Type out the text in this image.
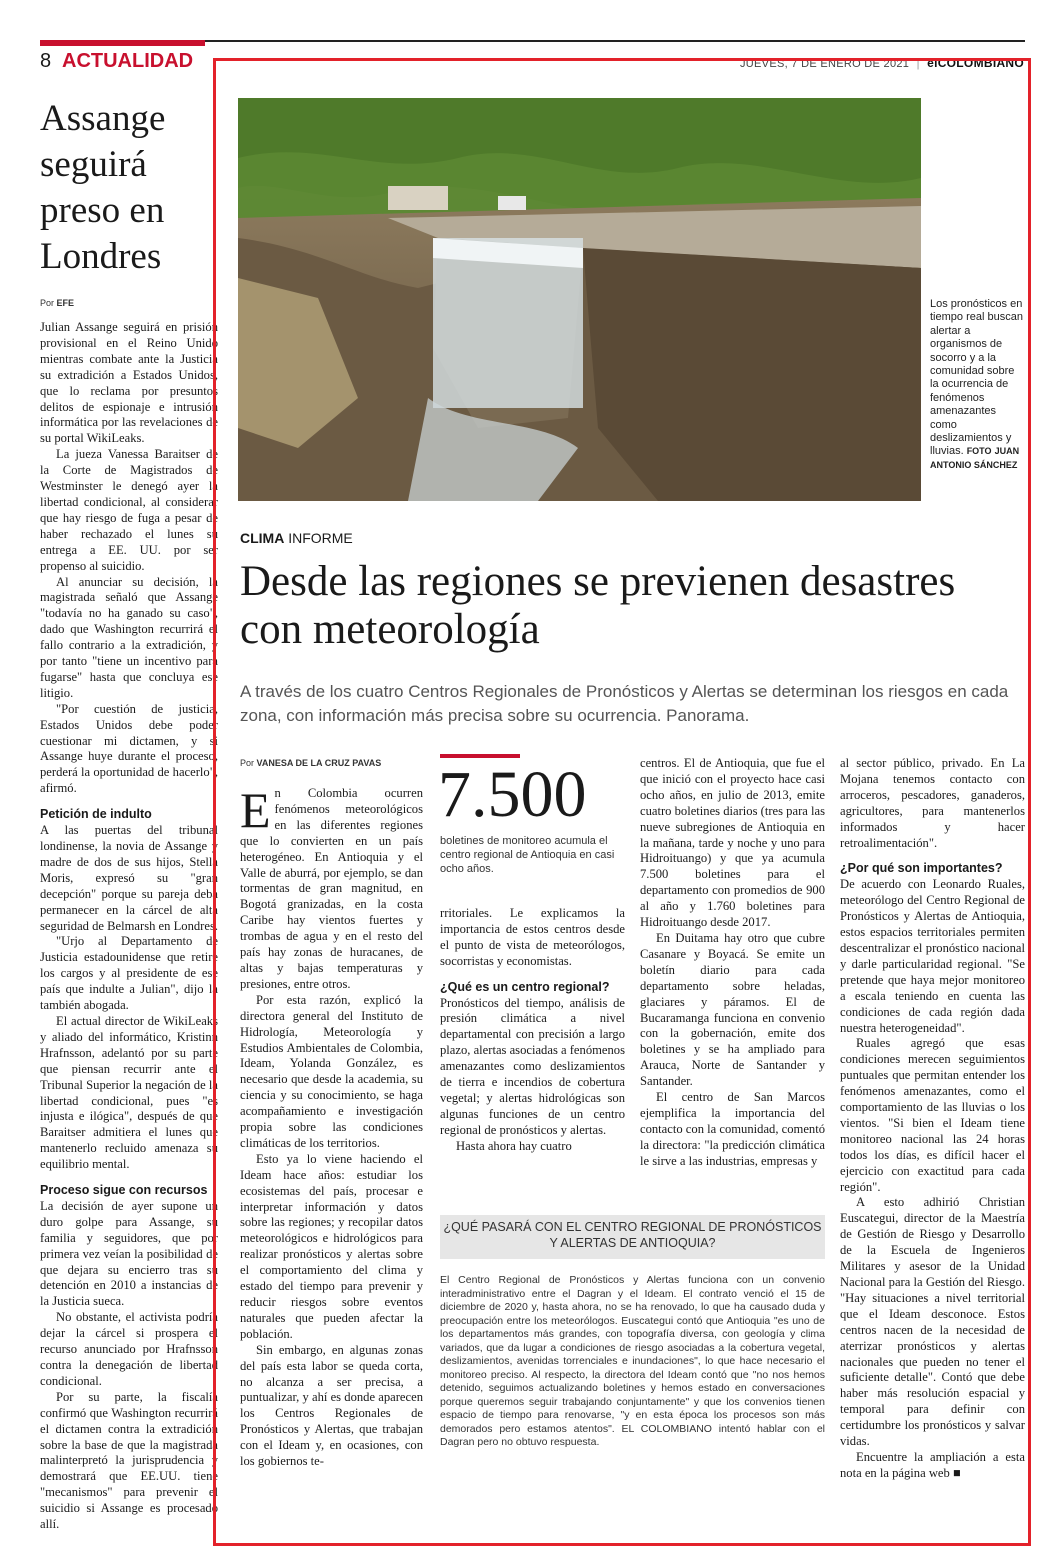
8 ACTUALIDAD	JUEVES, 7 DE ENERO DE 2021 | elCOLOMBIANO
Assange seguirá preso en Londres
Por EFE

Julian Assange seguirá en prisión provisional en el Reino Unido mientras combate ante la Justicia su extradición a Estados Unidos, que lo reclama por presuntos delitos de espionaje e intrusión informática por las revelaciones de su portal WikiLeaks.

La jueza Vanessa Baraitser de la Corte de Magistrados de Westminster le denegó ayer la libertad condicional, al considerar que hay riesgo de fuga a pesar de haber rechazado el lunes su entrega a EE. UU. por ser propenso al suicidio.

Al anunciar su decisión, la magistrada señaló que Assange "todavía no ha ganado su caso", dado que Washington recurrirá el fallo contrario a la extradición, y por tanto "tiene un incentivo para fugarse" hasta que concluya ese litigio.

"Por cuestión de justicia, Estados Unidos debe poder cuestionar mi dictamen, y si Assange huye durante el proceso, perderá la oportunidad de hacerlo", afirmó.

Petición de indulto

A las puertas del tribunal londinense, la novia de Assange y madre de dos de sus hijos, Stella Moris, expresó su "gran decepción" porque su pareja deba permanecer en la cárcel de alta seguridad de Belmarsh en Londres.

"Urjo al Departamento de Justicia estadounidense que retire los cargos y al presidente de ese país que indulte a Julian", dijo la también abogada.

El actual director de WikiLeaks y aliado del informático, Kristinn Hrafnsson, adelantó por su parte que piensan recurrir ante el Tribunal Superior la negación de la libertad condicional, pues "es injusta e ilógica", después de que Baraitser admitiera el lunes que mantenerlo recluido amenaza su equilibrio mental.

Proceso sigue con recursos

La decisión de ayer supone un duro golpe para Assange, su familia y seguidores, que por primera vez veían la posibilidad de que dejara su encierro tras su detención en 2010 a instancias de la Justicia sueca.

No obstante, el activista podría dejar la cárcel si prospera el recurso anunciado por Hrafnsson contra la denegación de libertad condicional.

Por su parte, la fiscalía confirmó que Washington recurrirá el dictamen contra la extradición sobre la base de que la magistrada malinterpretó la jurisprudencia y demostrará que EE.UU. tiene "mecanismos" para prevenir el suicidio si Assange es procesado allí.

Los pronósticos en tiempo real buscan alertar a organismos de socorro y a la comunidad sobre la ocurrencia de fenómenos amenazantes como deslizamientos y lluvias. FOTO JUAN ANTONIO SÁNCHEZ
CLIMA INFORME
Desde las regiones se previenen desastres con meteorología
A través de los cuatro Centros Regionales de Pronósticos y Alertas se determinan los riesgos en cada zona, con información más precisa sobre su ocurrencia. Panorama.
Por VANESA DE LA CRUZ PAVAS

En Colombia ocurren fenómenos meteorológicos en las diferentes regiones que lo convierten en un país heterogéneo. En Antioquia y el Valle de aburrá, por ejemplo, se dan tormentas de gran magnitud, en Bogotá granizadas, en la costa Caribe hay vientos fuertes y trombas de agua y en el resto del país hay zonas de huracanes, de altas y bajas temperaturas y presiones, entre otros.

Por esta razón, explicó la directora general del Instituto de Hidrología, Meteorología y Estudios Ambientales de Colombia, Ideam, Yolanda González, es necesario que desde la academia, su ciencia y su conocimiento, se haga acompañamiento e investigación propia sobre las condiciones climáticas de los territorios.

Esto ya lo viene haciendo el Ideam hace años: estudiar los ecosistemas del país, procesar e interpretar información y datos sobre las regiones; y recopilar datos meteorológicos e hidrológicos para realizar pronósticos y alertas sobre el comportamiento del clima y estado del tiempo para prevenir y reducir riesgos sobre eventos naturales que pueden afectar la población.

Sin embargo, en algunas zonas del país esta labor se queda corta, no alcanza a ser precisa, a puntualizar, y ahí es donde aparecen los Centros Regionales de Pronósticos y Alertas, que trabajan con el Ideam y, en ocasiones, con los gobiernos te-

7.500
boletines de monitoreo acumula el centro regional de Antioquia en casi ocho años.

rritoriales. Le explicamos la importancia de estos centros desde el punto de vista de meteorólogos, socorristas y economistas.

¿Qué es un centro regional?

Pronósticos del tiempo, análisis de presión climática a nivel departamental con precisión a largo plazo, alertas asociadas a fenómenos amenazantes como deslizamientos de tierra e incendios de cobertura vegetal; y alertas hidrológicas son algunas funciones de un centro regional de pronósticos y alertas.

Hasta ahora hay cuatro

centros. El de Antioquia, que fue el que inició con el proyecto hace casi ocho años, en julio de 2013, emite cuatro boletines diarios (tres para las nueve subregiones de Antioquia en la mañana, tarde y noche y uno para Hidroituango) y que ya acumula 7.500 boletines para el departamento con promedios de 900 al año y 1.760 boletines para Hidroituango desde 2017.

En Duitama hay otro que cubre Casanare y Boyacá. Se emite un boletín diario para cada departamento sobre heladas, glaciares y páramos. El de Bucaramanga funciona en convenio con la gobernación, emite dos boletines y se ha ampliado para Arauca, Norte de Santander y Santander.

El centro de San Marcos ejemplifica la importancia del contacto con la comunidad, comentó la directora: "la predicción climática le sirve a las industrias, empresas y

al sector público, privado. En La Mojana tenemos contacto con arroceros, pescadores, ganaderos, agricultores, para mantenerlos informados y hacer retroalimentación".

¿Por qué son importantes?

De acuerdo con Leonardo Ruales, meteorólogo del Centro Regional de Pronósticos y Alertas de Antioquia, estos espacios territoriales permiten descentralizar el pronóstico nacional y darle particularidad regional. "Se pretende que haya mejor monitoreo a escala teniendo en cuenta las condiciones de cada región dada nuestra heterogeneidad".

Ruales agregó que esas condiciones merecen seguimientos puntuales que permitan entender los fenómenos amenazantes, como el comportamiento de las lluvias o los vientos. "Si bien el Ideam tiene monitoreo nacional las 24 horas todos los días, es difícil hacer el ejercicio con exactitud para cada región".

A esto adhirió Christian Euscategui, director de la Maestría de Gestión de Riesgo y Desarrollo de la Escuela de Ingenieros Militares y asesor de la Unidad Nacional para la Gestión del Riesgo. "Hay situaciones a nivel territorial que el Ideam desconoce. Estos centros nacen de la necesidad de aterrizar pronósticos y alertas nacionales que pueden no tener el suficiente detalle". Contó que debe haber más resolución espacial y temporal para definir con certidumbre los pronósticos y salvar vidas.

Encuentre la ampliación a esta nota en la página web ■

¿QUÉ PASARÁ CON EL CENTRO REGIONAL DE PRONÓSTICOS Y ALERTAS DE ANTIOQUIA?
El Centro Regional de Pronósticos y Alertas funciona con un convenio interadministrativo entre el Dagran y el Ideam. El contrato venció el 15 de diciembre de 2020 y, hasta ahora, no se ha renovado, lo que ha causado duda y preocupación entre los meteorólogos. Euscategui contó que Antioquia "es uno de los departamentos más grandes, con topografía diversa, con geología y clima variados, que da lugar a condiciones de riesgo asociadas a la cobertura vegetal, deslizamientos, avenidas torrenciales e inundaciones", lo que hace necesario el monitoreo preciso. Al respecto, la directora del Ideam contó que "no nos hemos detenido, seguimos actualizando boletines y hemos estado en conversaciones porque queremos seguir trabajando conjuntamente" y que los convenios tienen espacio de tiempo para renovarse, "y en esta época los procesos son más demorados pero estamos atentos". EL COLOMBIANO intentó hablar con el Dagran pero no obtuvo respuesta.
